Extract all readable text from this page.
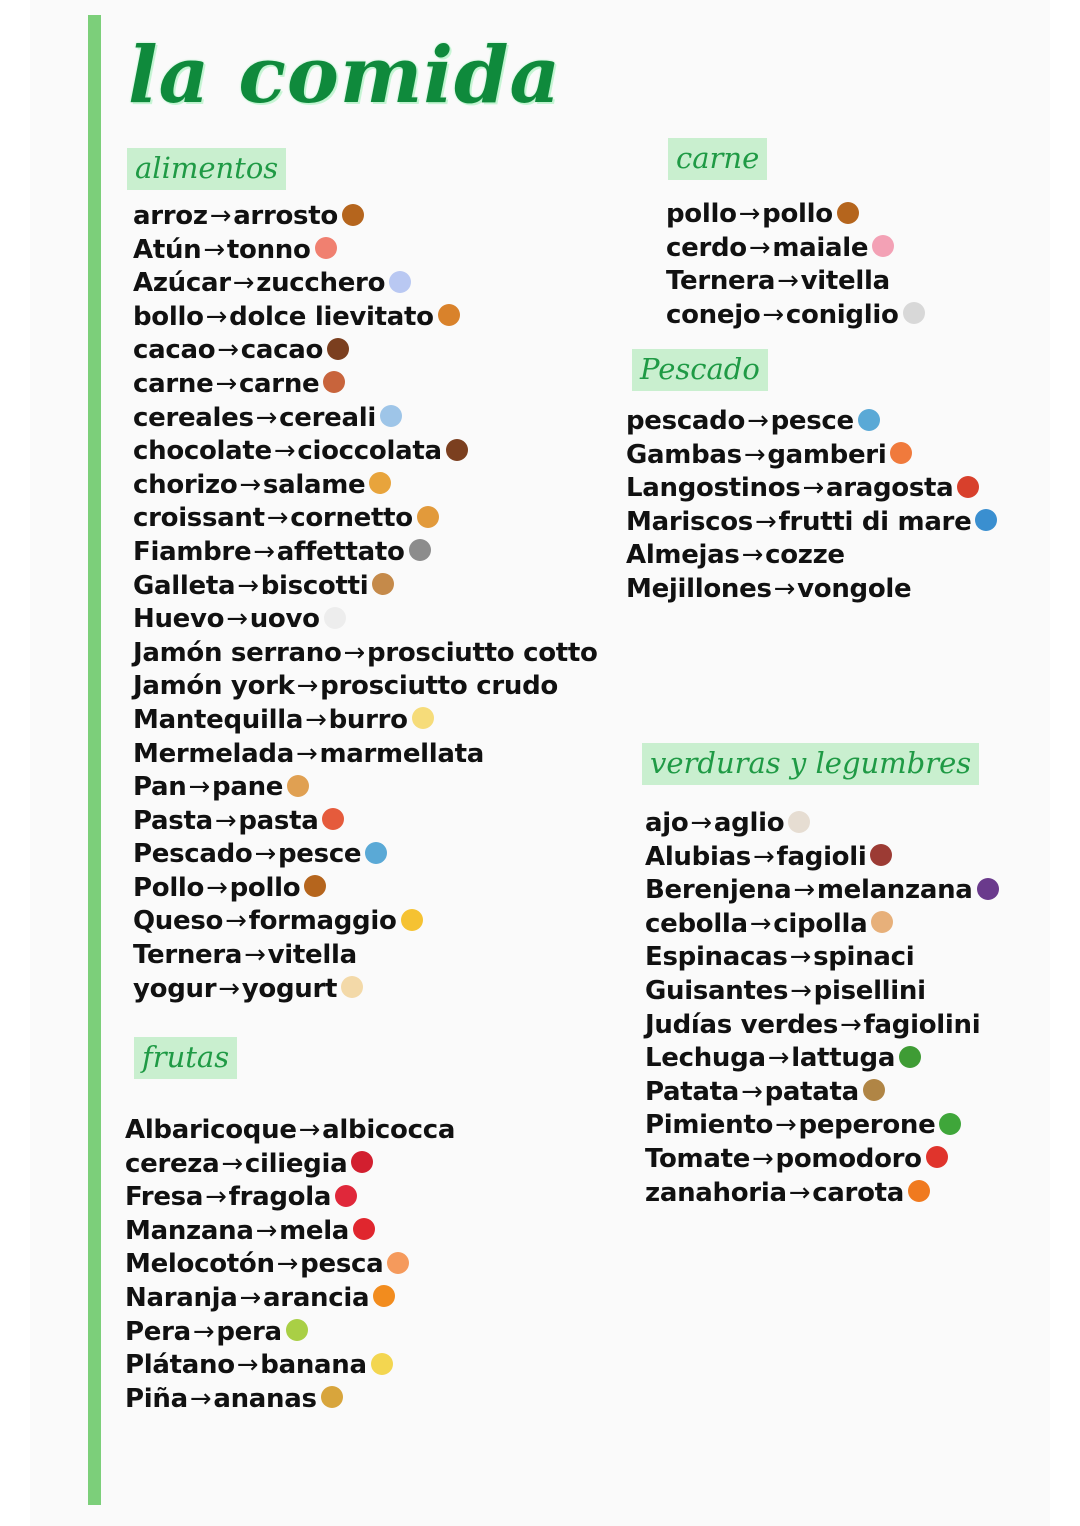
la comida
alimentos
arroz→arrosto
Atún→tonno
Azúcar→zucchero
bollo→dolce lievitato
cacao→cacao
carne→carne
cereales→cereali
chocolate→cioccolata
chorizo→salame
croissant→cornetto
Fiambre→affettato
Galleta→biscotti
Huevo→uovo
Jamón serrano→prosciutto cotto
Jamón york→prosciutto crudo
Mantequilla→burro
Mermelada→marmellata
Pan→pane
Pasta→pasta
Pescado→pesce
Pollo→pollo
Queso→formaggio
Ternera→vitella
yogur→yogurt
carne
pollo→pollo
cerdo→maiale
Ternera→vitella
conejo→coniglio
Pescado
pescado→pesce
Gambas→gamberi
Langostinos→aragosta
Mariscos→frutti di mare
Almejas→cozze
Mejillones→vongole
frutas
Albaricoque→albicocca
cereza→ciliegia
Fresa→fragola
Manzana→mela
Melocotón→pesca
Naranja→arancia
Pera→pera
Plátano→banana
Piña→ananas
verduras y legumbres
ajo→aglio
Alubias→fagioli
Berenjena→melanzana
cebolla→cipolla
Espinacas→spinaci
Guisantes→pisellini
Judías verdes→fagiolini
Lechuga→lattuga
Patata→patata
Pimiento→peperone
Tomate→pomodoro
zanahoria→carota
